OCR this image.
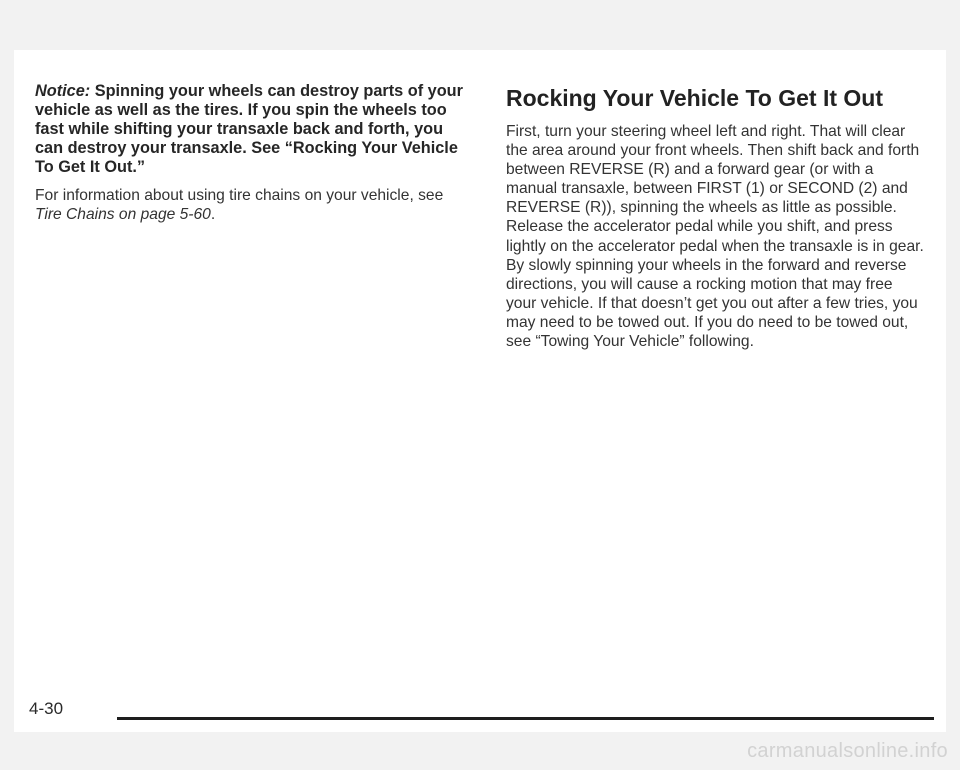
Notice: Spinning your wheels can destroy parts of your vehicle as well as the tires. If you spin the wheels too fast while shifting your transaxle back and forth, you can destroy your transaxle. See “Rocking Your Vehicle To Get It Out.”

For information about using tire chains on your vehicle, see Tire Chains on page 5-60.

Rocking Your Vehicle To Get It Out

First, turn your steering wheel left and right. That will clear the area around your front wheels. Then shift back and forth between REVERSE (R) and a forward gear (or with a manual transaxle, between FIRST (1) or SECOND (2) and REVERSE (R)), spinning the wheels as little as possible. Release the accelerator pedal while you shift, and press lightly on the accelerator pedal when the transaxle is in gear. By slowly spinning your wheels in the forward and reverse directions, you will cause a rocking motion that may free your vehicle. If that doesn’t get you out after a few tries, you may need to be towed out. If you do need to be towed out, see “Towing Your Vehicle” following.

4-30
carmanualsonline.info
